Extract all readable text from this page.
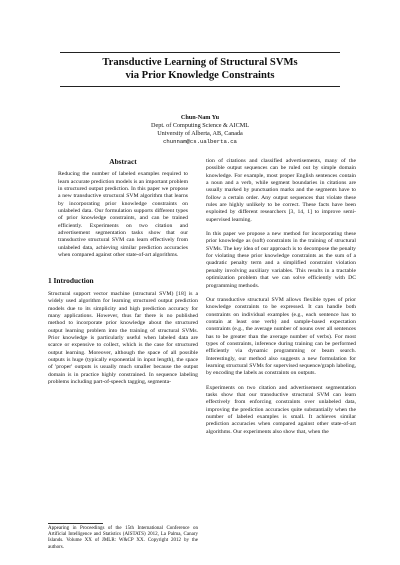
Transductive Learning of Structural SVMs
via Prior Knowledge Constraints
Chun-Nam Yu
Dept. of Computing Science & AICML
University of Alberta, AB, Canada
chunnam@cs.ualberta.ca
Abstract

Reducing the number of labeled examples required to learn accurate prediction models is an important problem in structured output prediction. In this paper we propose a new transductive structural SVM algorithm that learns by incorporating prior knowledge constraints on unlabeled data. Our formulation supports different types of prior knowledge constraints, and can be trained efficiently. Experiments on two citation and advertisement segmentation tasks show that our transductive structural SVM can learn effectively from unlabeled data, achieving similar prediction accuracies when compared against other state-of-art algorithms.

1 Introduction

Structural support vector machine (structural SVM) [18] is a widely used algorithm for learning structured output prediction models due to its simplicity and high prediction accuracy for many applications. However, thus far there is no published method to incorporate prior knowledge about the structured output learning problem into the training of structural SVMs. Prior knowledge is particularly useful when labeled data are scarce or expensive to collect, which is the case for structured output learning. Moreover, although the space of all possible outputs is huge (typically exponential in input length), the space of 'proper' outputs is usually much smaller because the output domain is in practice highly constrained. In sequence labeling problems including part-of-speech tagging, segmenta-

Appearing in Proceedings of the 15th International Conference on Artificial Intelligence and Statistics (AISTATS) 2012, La Palma, Canary Islands. Volume XX of JMLR: W&CP XX. Copyright 2012 by the authors.

tion of citations and classified advertisements, many of the possible output sequences can be ruled out by simple domain knowledge. For example, most proper English sentences contain a noun and a verb, while segment boundaries in citations are usually marked by punctuation marks and the segments have to follow a certain order. Any output sequences that violate these rules are highly unlikely to be correct. These facts have been exploited by different researchers [3, 14, 1] to improve semi-supervised learning.

In this paper we propose a new method for incorporating these prior knowledge as (soft) constraints in the training of structural SVMs. The key idea of our approach is to decompose the penalty for violating these prior knowledge constraints as the sum of a quadratic penalty term and a simplified constraint violation penalty involving auxiliary variables. This results in a tractable optimization problem that we can solve efficiently with DC programming methods.

Our transductive structural SVM allows flexible types of prior knowledge constraints to be expressed. It can handle both constraints on individual examples (e.g., each sentence has to contain at least one verb) and sample-based expectation constraints (e.g., the average number of nouns over all sentences has to be greater than the average number of verbs). For most types of constraints, inference during training can be performed efficiently via dynamic programming or beam search. Interestingly, our method also suggests a new formulation for learning structural SVMs for supervised sequence/graph labeling, by encoding the labels as constraints on outputs.

Experiments on two citation and advertisement segmentation tasks show that our transductive structural SVM can learn effectively from enforcing constraints over unlabeled data, improving the prediction accuracies quite substantially when the number of labeled examples is small. It achieves similar prediction accuracies when compared against other state-of-art algorithms. Our experiments also show that, when the
